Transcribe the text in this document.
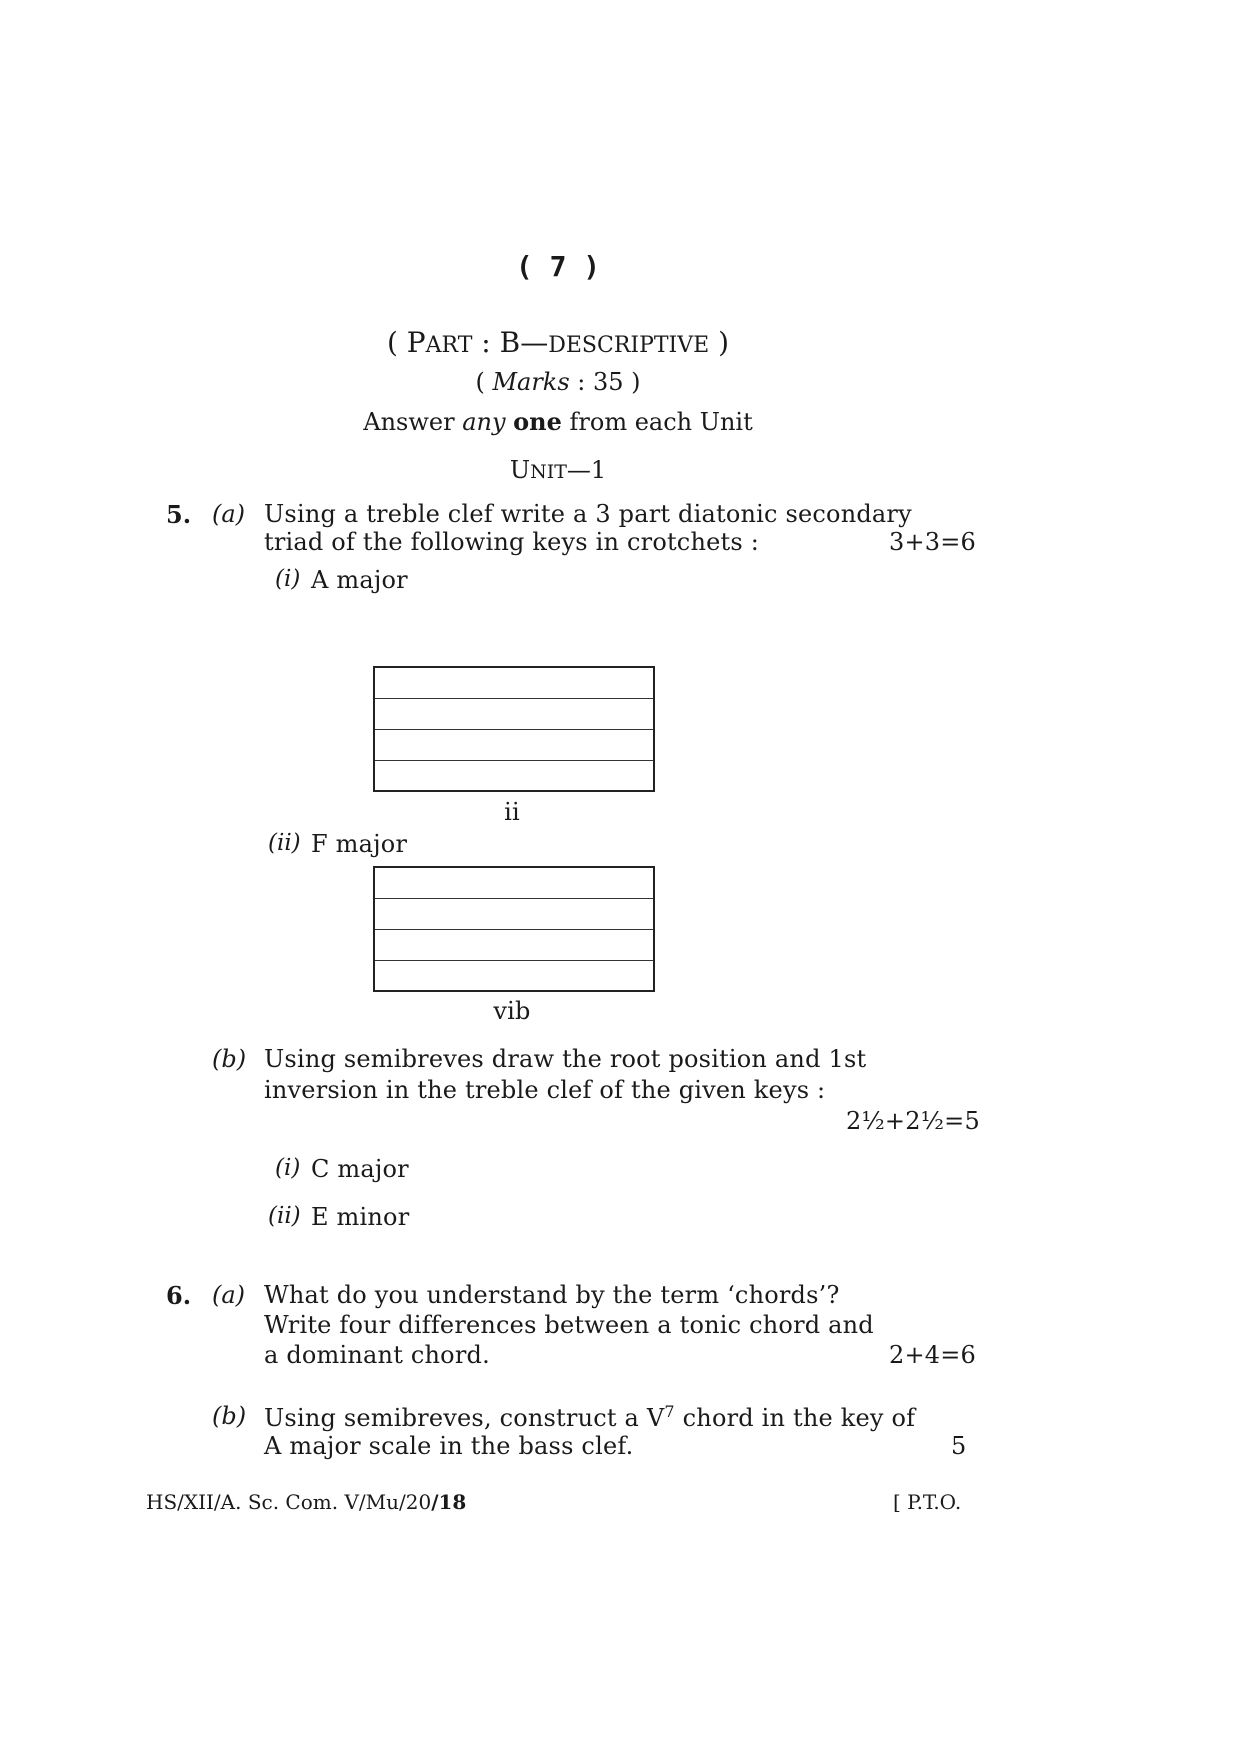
( 7 )
( PART : B—DESCRIPTIVE )
( Marks : 35 )
Answer any one from each Unit
UNIT—1
5. (a) Using a treble clef write a 3 part diatonic secondary
triad of the following keys in crotchets :	3+3=6
(i) A major
ii
(ii) F major
vib
(b) Using semibreves draw the root position and 1st
inversion in the treble clef of the given keys :
2½+2½=5
(i) C major
(ii) E minor
6. (a) What do you understand by the term ‘chords’?
Write four differences between a tonic chord and
a dominant chord.	2+4=6
(b) Using semibreves, construct a $V^7$ chord in the key of
A major scale in the bass clef.	5
HS/XII/A. Sc. Com. V/Mu/20/18	[ P.T.O.
